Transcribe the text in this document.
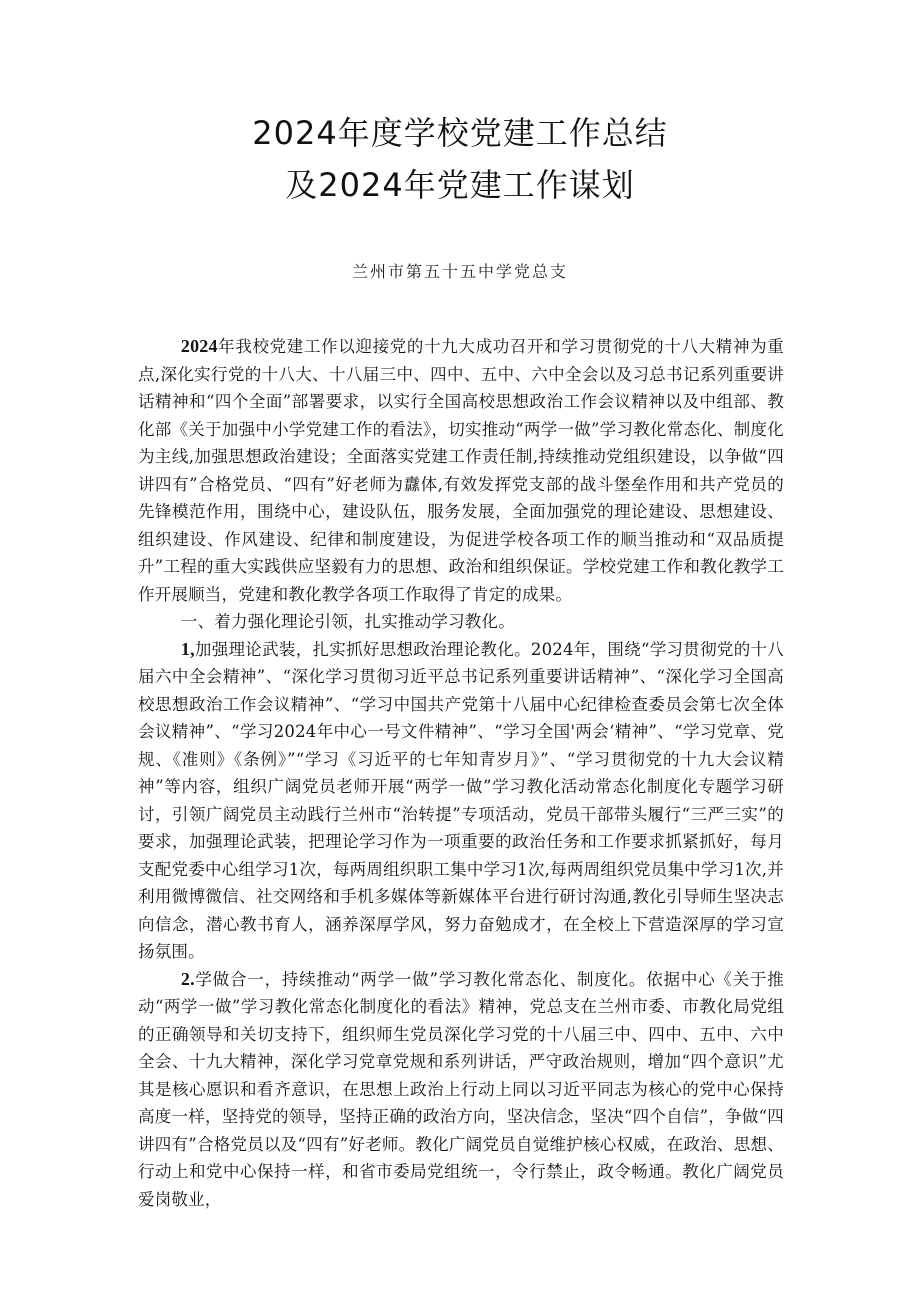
2024年度学校党建工作总结
及2024年党建工作谋划
兰州市第五十五中学党总支

2024年我校党建工作以迎接党的十九大成功召开和学习贯彻党的十八大精神为重点,深化实行党的十八大、十八届三中、四中、五中、六中全会以及习总书记系列重要讲话精神和“四个全面”部署要求，以实行全国高校思想政治工作会议精神以及中组部、教化部《关于加强中小学党建工作的看法》，切实推动“两学一做”学习教化常态化、制度化为主线,加强思想政治建设；全面落实党建工作责任制,持续推动党组织建设，以争做“四讲四有”合格党员、“四有”好老师为纛体,有效发挥党支部的战斗堡垒作用和共产党员的先锋模范作用，围绕中心，建设队伍，服务发展，全面加强党的理论建设、思想建设、组织建设、作风建设、纪律和制度建设，为促进学校各项工作的顺当推动和“双品质提升”工程的重大实践供应坚毅有力的思想、政治和组织保证。学校党建工作和教化教学工作开展顺当，党建和教化教学各项工作取得了肯定的成果。

一、着力强化理论引领，扎实推动学习教化。

1,加强理论武装，扎实抓好思想政治理论教化。2024年，围绕“学习贯彻党的十八届六中全会精神”、“深化学习贯彻习近平总书记系列重要讲话精神”、“深化学习全国高校思想政治工作会议精神”、“学习中国共产党第十八届中心纪律检查委员会第七次全体会议精神”、“学习2024年中心一号文件精神”、“学习全国'两会‘精神”、“学习党章、党规、《准则》《条例》”“学习《习近平的七年知青岁月》”、“学习贯彻党的十九大会议精神”等内容，组织广阔党员老师开展“两学一做”学习教化活动常态化制度化专题学习研讨，引领广阔党员主动践行兰州市“治转提”专项活动，党员干部带头履行“三严三实”的要求，加强理论武装，把理论学习作为一项重要的政治任务和工作要求抓紧抓好，每月支配党委中心组学习1次，每两周组织职工集中学习1次,每两周组织党员集中学习1次,并利用微博微信、社交网络和手机多媒体等新媒体平台进行研讨沟通,教化引导师生坚决志向信念，潜心教书育人，涵养深厚学风，努力奋勉成才，在全校上下营造深厚的学习宣扬氛围。

2.学做合一，持续推动“两学一做”学习教化常态化、制度化。依据中心《关于推动“两学一做”学习教化常态化制度化的看法》精神，党总支在兰州市委、市教化局党组的正确领导和关切支持下，组织师生党员深化学习党的十八届三中、四中、五中、六中全会、十九大精神，深化学习党章党规和系列讲话，严守政治规则，增加“四个意识”尤其是核心愿识和看齐意识，在思想上政治上行动上同以习近平同志为核心的党中心保持高度一样，坚持党的领导，坚持正确的政治方向，坚决信念，坚决“四个自信”，争做“四讲四有”合格党员以及“四有”好老师。教化广阔党员自觉维护核心权威，在政治、思想、行动上和党中心保持一样，和省市委局党组统一，令行禁止，政令畅通。教化广阔党员爱岗敬业，
